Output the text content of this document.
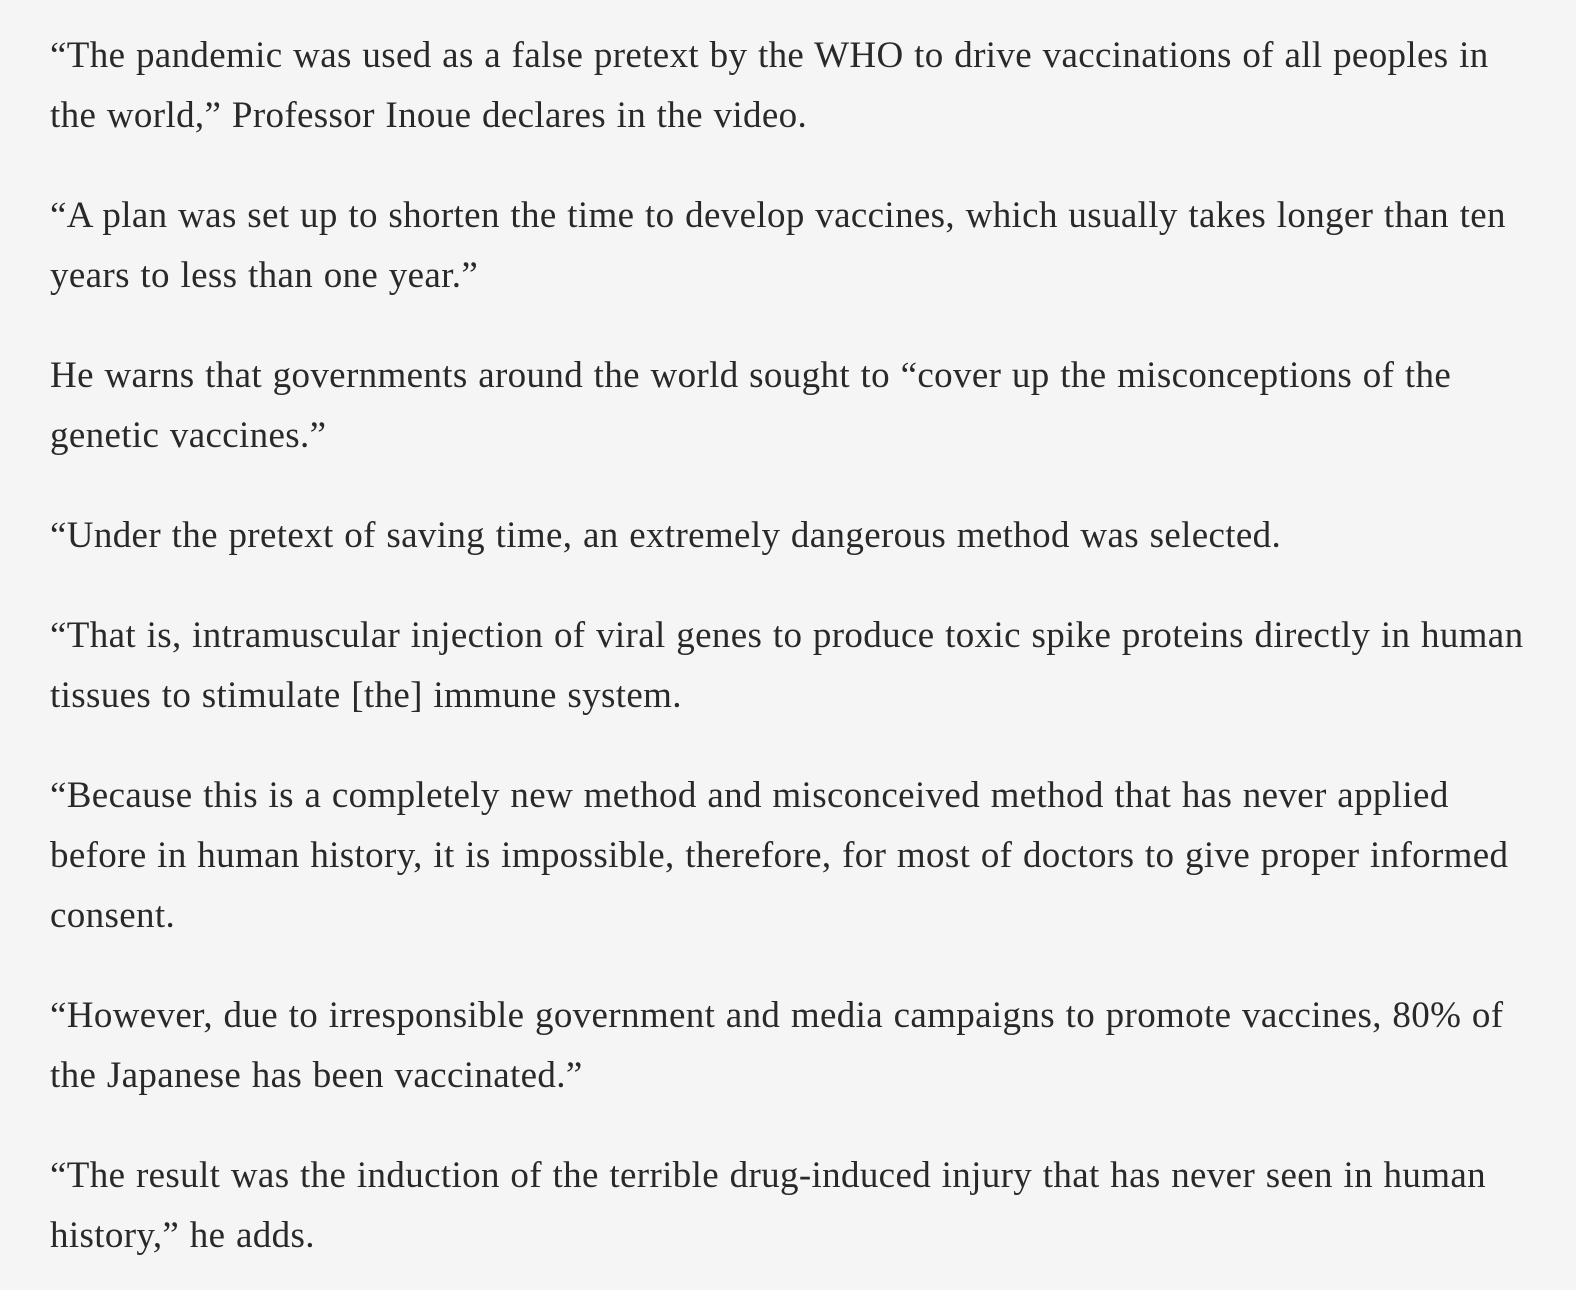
“The pandemic was used as a false pretext by the WHO to drive vaccinations of all peoples in the world,” Professor Inoue declares in the video.

“A plan was set up to shorten the time to develop vaccines, which usually takes longer than ten years to less than one year.”

He warns that governments around the world sought to “cover up the misconceptions of the genetic vaccines.”

“Under the pretext of saving time, an extremely dangerous method was selected.

“That is, intramuscular injection of viral genes to produce toxic spike proteins directly in human tissues to stimulate [the] immune system.

“Because this is a completely new method and misconceived method that has never applied before in human history, it is impossible, therefore, for most of doctors to give proper informed consent.

“However, due to irresponsible government and media campaigns to promote vaccines, 80% of the Japanese has been vaccinated.”

“The result was the induction of the terrible drug-induced injury that has never seen in human history,” he adds.
